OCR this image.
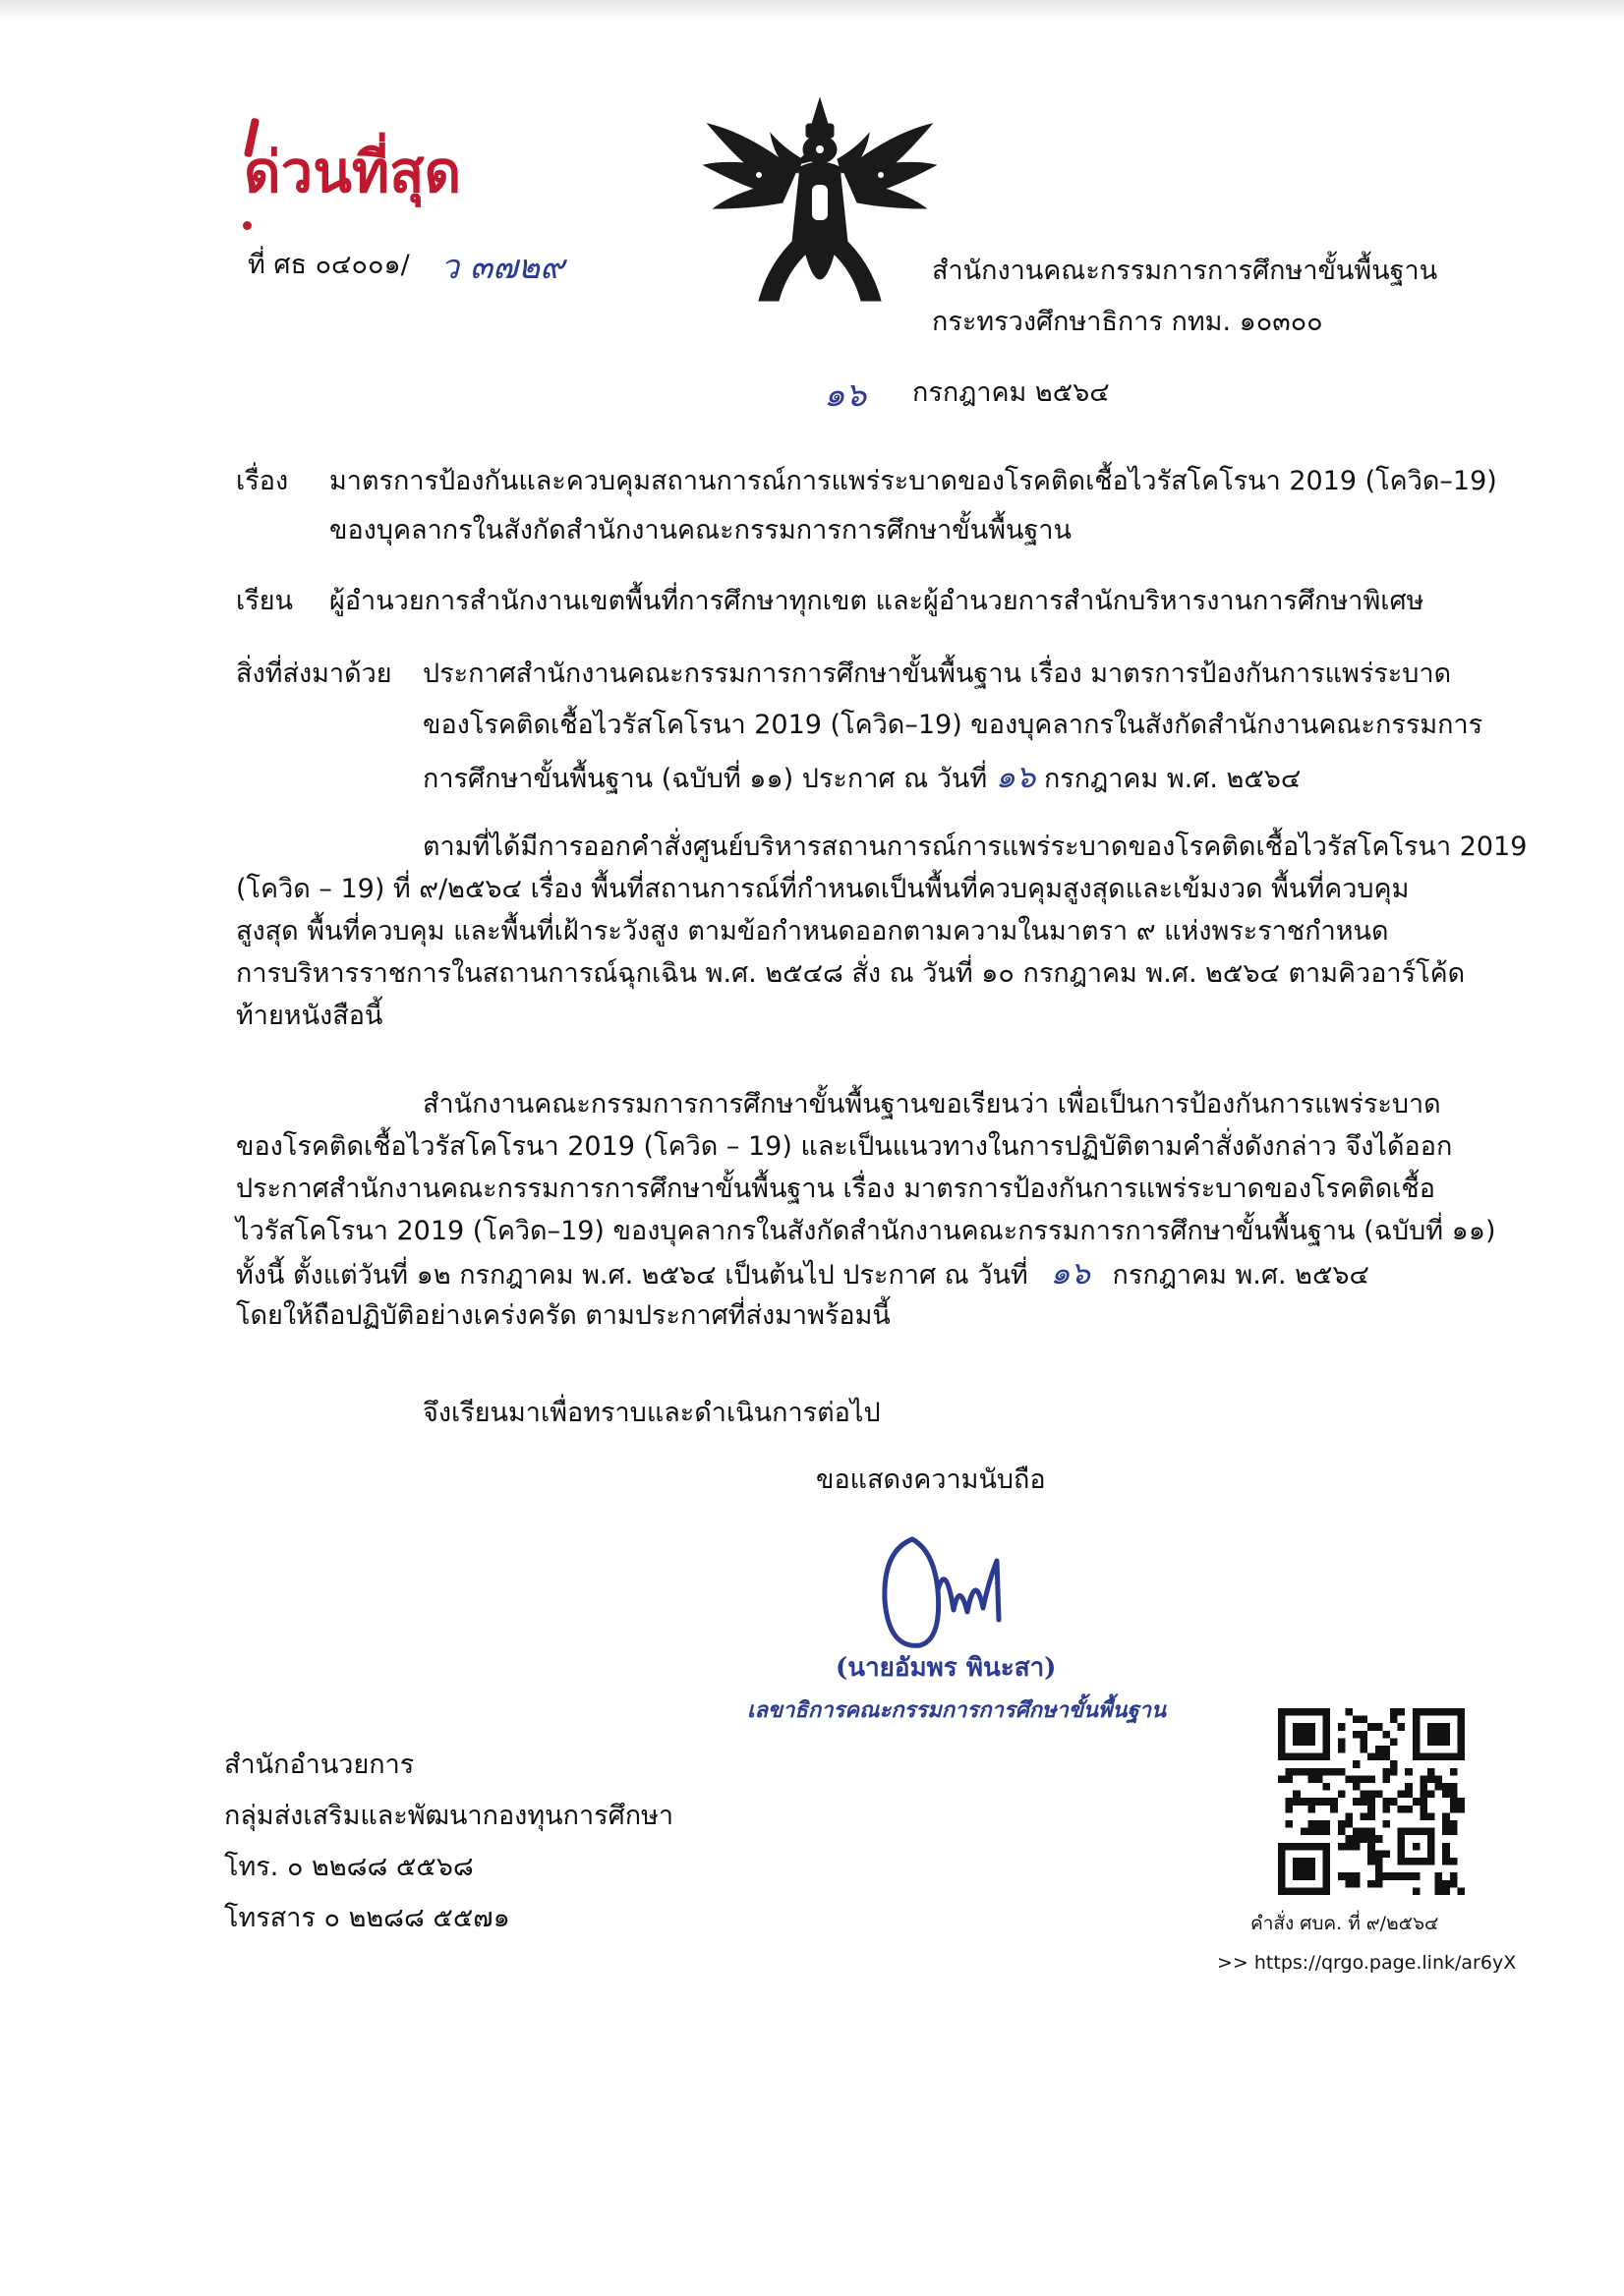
ด่วนที่สุด
ที่ ศธ ๐๔๐๐๑/ ว ๓๗๒๙	สำนักงานคณะกรรมการการศึกษาขั้นพื้นฐาน
กระทรวงศึกษาธิการ กทม. ๑๐๓๐๐
๑๖ กรกฎาคม ๒๕๖๔
เรื่อง มาตรการป้องกันและควบคุมสถานการณ์การแพร่ระบาดของโรคติดเชื้อไวรัสโคโรนา 2019 (โควิด–19)
ของบุคลากรในสังกัดสำนักงานคณะกรรมการการศึกษาขั้นพื้นฐาน
เรียน ผู้อำนวยการสำนักงานเขตพื้นที่การศึกษาทุกเขต และผู้อำนวยการสำนักบริหารงานการศึกษาพิเศษ
สิ่งที่ส่งมาด้วย ประกาศสำนักงานคณะกรรมการการศึกษาขั้นพื้นฐาน เรื่อง มาตรการป้องกันการแพร่ระบาด
ของโรคติดเชื้อไวรัสโคโรนา 2019 (โควิด–19) ของบุคลากรในสังกัดสำนักงานคณะกรรมการ
การศึกษาขั้นพื้นฐาน (ฉบับที่ ๑๑) ประกาศ ณ วันที่ ๑๖ กรกฎาคม พ.ศ. ๒๕๖๔
ตามที่ได้มีการออกคำสั่งศูนย์บริหารสถานการณ์การแพร่ระบาดของโรคติดเชื้อไวรัสโคโรนา 2019
(โควิด – 19) ที่ ๙/๒๕๖๔ เรื่อง พื้นที่สถานการณ์ที่กำหนดเป็นพื้นที่ควบคุมสูงสุดและเข้มงวด พื้นที่ควบคุม
สูงสุด พื้นที่ควบคุม และพื้นที่เฝ้าระวังสูง ตามข้อกำหนดออกตามความในมาตรา ๙ แห่งพระราชกำหนด
การบริหารราชการในสถานการณ์ฉุกเฉิน พ.ศ. ๒๕๔๘ สั่ง ณ วันที่ ๑๐ กรกฎาคม พ.ศ. ๒๕๖๔ ตามคิวอาร์โค้ด
ท้ายหนังสือนี้
สำนักงานคณะกรรมการการศึกษาขั้นพื้นฐานขอเรียนว่า เพื่อเป็นการป้องกันการแพร่ระบาด
ของโรคติดเชื้อไวรัสโคโรนา 2019 (โควิด – 19) และเป็นแนวทางในการปฏิบัติตามคำสั่งดังกล่าว จึงได้ออก
ประกาศสำนักงานคณะกรรมการการศึกษาขั้นพื้นฐาน เรื่อง มาตรการป้องกันการแพร่ระบาดของโรคติดเชื้อ
ไวรัสโคโรนา 2019 (โควิด–19) ของบุคลากรในสังกัดสำนักงานคณะกรรมการการศึกษาขั้นพื้นฐาน (ฉบับที่ ๑๑)
ทั้งนี้ ตั้งแต่วันที่ ๑๒ กรกฎาคม พ.ศ. ๒๕๖๔ เป็นต้นไป ประกาศ ณ วันที่ ๑๖ กรกฎาคม พ.ศ. ๒๕๖๔
โดยให้ถือปฏิบัติอย่างเคร่งครัด ตามประกาศที่ส่งมาพร้อมนี้
จึงเรียนมาเพื่อทราบและดำเนินการต่อไป
ขอแสดงความนับถือ
(นายอัมพร พินะสา)
เลขาธิการคณะกรรมการการศึกษาขั้นพื้นฐาน
สำนักอำนวยการ
กลุ่มส่งเสริมและพัฒนากองทุนการศึกษา
โทร. ๐ ๒๒๘๘ ๕๕๖๘
โทรสาร ๐ ๒๒๘๘ ๕๕๗๑	คำสั่ง ศบค. ที่ ๙/๒๕๖๔
>> https://qrgo.page.link/ar6yX
